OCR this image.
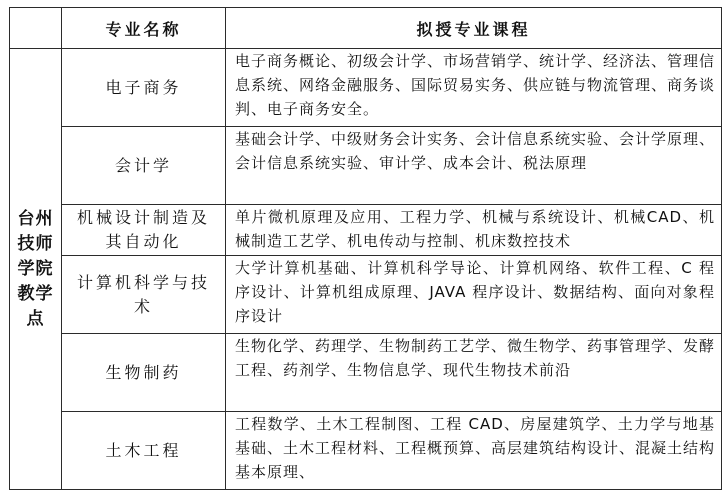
	专业名称	拟授专业课程

台州技师学院教学点	电子商务	电子商务概论、初级会计学、市场营销学、统计学、经济法、管理信息系统、网络金融服务、国际贸易实务、供应链与物流管理、商务谈判、电子商务安全。
	会计学	基础会计学、中级财务会计实务、会计信息系统实验、会计学原理、会计信息系统实验、审计学、成本会计、税法原理
	机械设计制造及其自动化	单片微机原理及应用、工程力学、机械与系统设计、机械CAD、机械制造工艺学、机电传动与控制、机床数控技术
	计算机科学与技术	大学计算机基础、计算机科学导论、计算机网络、软件工程、C 程序设计、计算机组成原理、JAVA 程序设计、数据结构、面向对象程序设计
	生物制药	生物化学、药理学、生物制药工艺学、微生物学、药事管理学、发酵工程、药剂学、生物信息学、现代生物技术前沿
	土木工程	工程数学、土木工程制图、工程 CAD、房屋建筑学、土力学与地基基础、土木工程材料、工程概预算、高层建筑结构设计、混凝土结构基本原理、
